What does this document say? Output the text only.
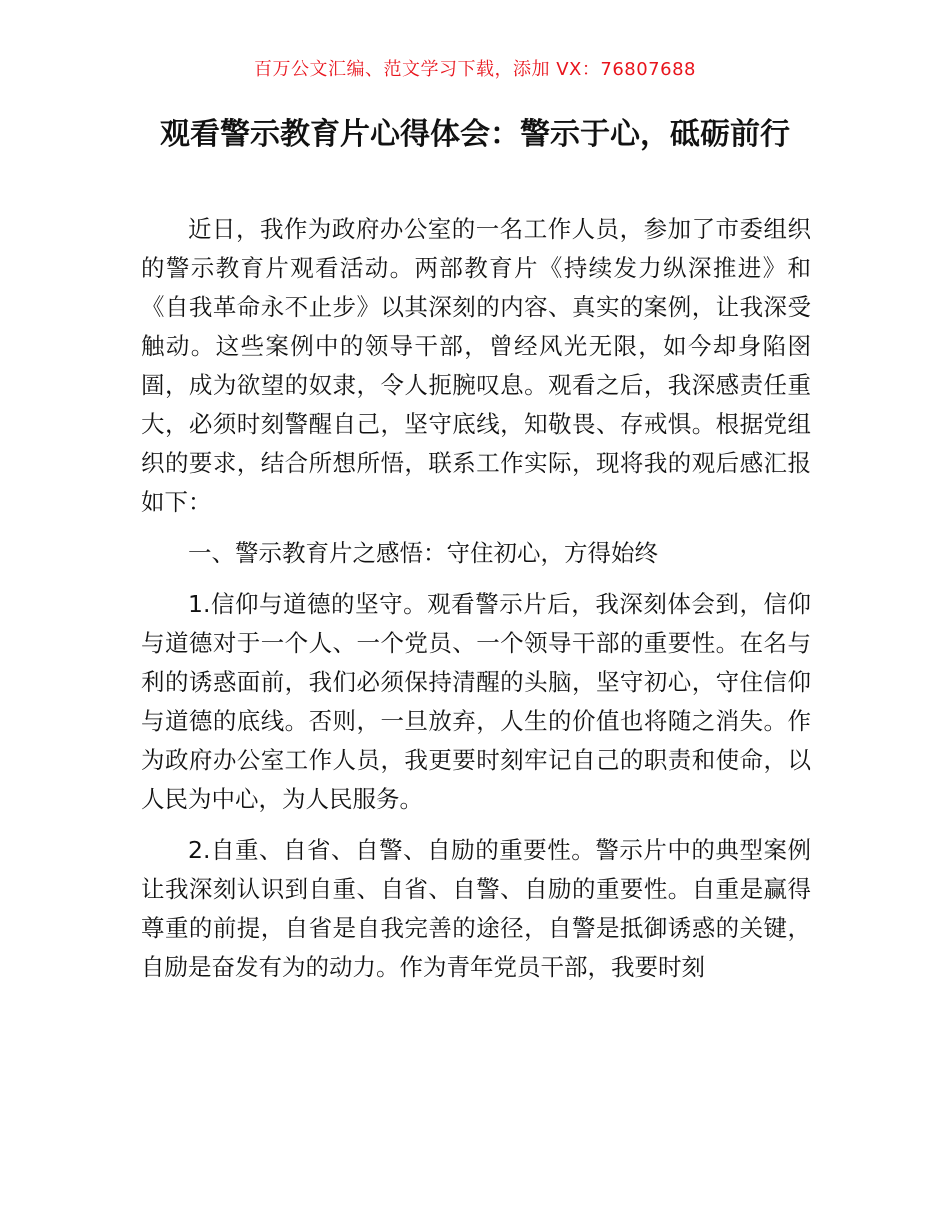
百万公文汇编、范文学习下载，添加 VX：76807688
观看警示教育片心得体会：警示于心，砥砺前行

近日，我作为政府办公室的一名工作人员，参加了市委组织的警示教育片观看活动。两部教育片《持续发力纵深推进》和《自我革命永不止步》以其深刻的内容、真实的案例，让我深受触动。这些案例中的领导干部，曾经风光无限，如今却身陷囹圄，成为欲望的奴隶，令人扼腕叹息。观看之后，我深感责任重大，必须时刻警醒自己，坚守底线，知敬畏、存戒惧。根据党组织的要求，结合所想所悟，联系工作实际，现将我的观后感汇报如下：

一、警示教育片之感悟：守住初心，方得始终

1.信仰与道德的坚守。观看警示片后，我深刻体会到，信仰与道德对于一个人、一个党员、一个领导干部的重要性。在名与利的诱惑面前，我们必须保持清醒的头脑，坚守初心，守住信仰与道德的底线。否则，一旦放弃，人生的价值也将随之消失。作为政府办公室工作人员，我更要时刻牢记自己的职责和使命，以人民为中心，为人民服务。

2.自重、自省、自警、自励的重要性。警示片中的典型案例让我深刻认识到自重、自省、自警、自励的重要性。自重是赢得尊重的前提，自省是自我完善的途径，自警是抵御诱惑的关键，自励是奋发有为的动力。作为青年党员干部，我要时刻
